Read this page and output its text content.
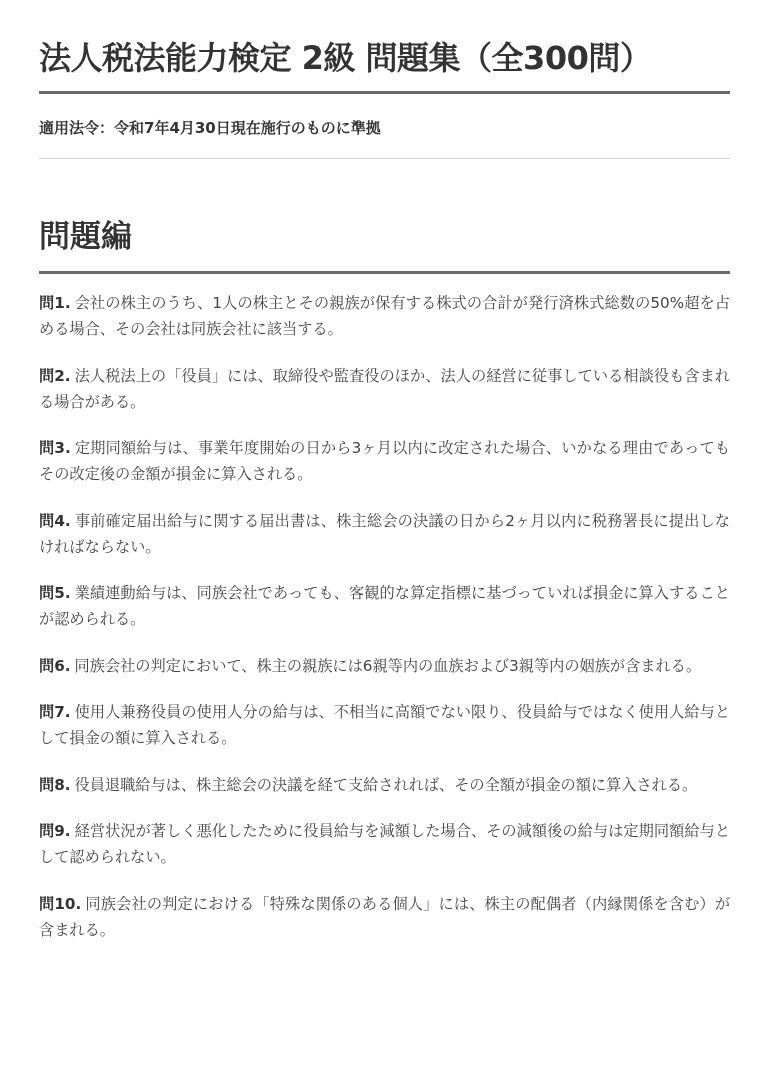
法人税法能力検定 2級 問題集（全300問）

適用法令：令和7年4月30日現在施行のものに準拠

問題編
問1. 会社の株主のうち、1人の株主とその親族が保有する株式の合計が発行済株式総数の50%超を占める場合、その会社は同族会社に該当する。
問2. 法人税法上の「役員」には、取締役や監査役のほか、法人の経営に従事している相談役も含まれる場合がある。
問3. 定期同額給与は、事業年度開始の日から3ヶ月以内に改定された場合、いかなる理由であってもその改定後の金額が損金に算入される。
問4. 事前確定届出給与に関する届出書は、株主総会の決議の日から2ヶ月以内に税務署長に提出しなければならない。
問5. 業績連動給与は、同族会社であっても、客観的な算定指標に基づっていれば損金に算入することが認められる。
問6. 同族会社の判定において、株主の親族には6親等内の血族および3親等内の姻族が含まれる。
問7. 使用人兼務役員の使用人分の給与は、不相当に高額でない限り、役員給与ではなく使用人給与として損金の額に算入される。
問8. 役員退職給与は、株主総会の決議を経て支給されれば、その全額が損金の額に算入される。
問9. 経営状況が著しく悪化したために役員給与を減額した場合、その減額後の給与は定期同額給与として認められない。
問10. 同族会社の判定における「特殊な関係のある個人」には、株主の配偶者（内縁関係を含む）が含まれる。
